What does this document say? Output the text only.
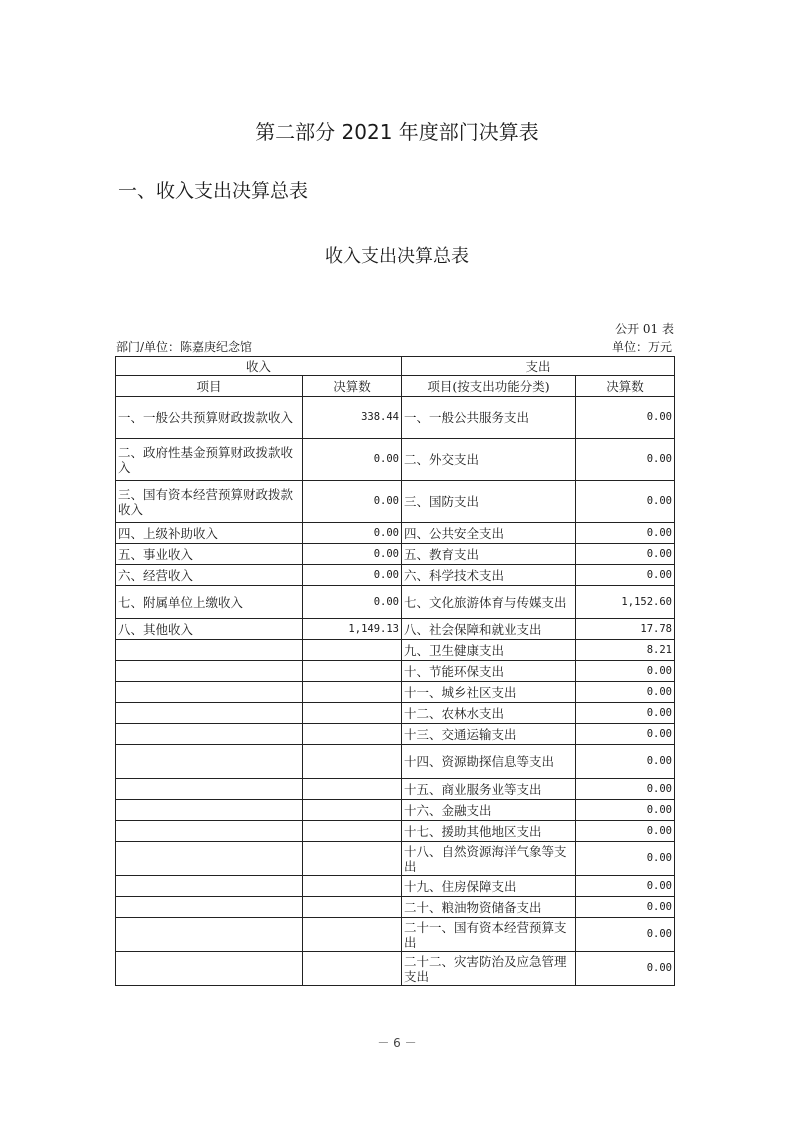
第二部分 2021 年度部门决算表
一、收入支出决算总表
收入支出决算总表
公开 01 表
部门/单位：陈嘉庚纪念馆	单位：万元
收入		支出	
项目	决算数	项目(按支出功能分类)	决算数
一、一般公共预算财政拨款收入	338.44	一、一般公共服务支出	0.00
二、政府性基金预算财政拨款收入	0.00	二、外交支出	0.00
三、国有资本经营预算财政拨款收入	0.00	三、国防支出	0.00
四、上级补助收入	0.00	四、公共安全支出	0.00
五、事业收入	0.00	五、教育支出	0.00
六、经营收入	0.00	六、科学技术支出	0.00
七、附属单位上缴收入	0.00	七、文化旅游体育与传媒支出	1,152.60
八、其他收入	1,149.13	八、社会保障和就业支出	17.78
		九、卫生健康支出	8.21
		十、节能环保支出	0.00
		十一、城乡社区支出	0.00
		十二、农林水支出	0.00
		十三、交通运输支出	0.00
		十四、资源勘探信息等支出	0.00
		十五、商业服务业等支出	0.00
		十六、金融支出	0.00
		十七、援助其他地区支出	0.00
		十八、自然资源海洋气象等支出	0.00
		十九、住房保障支出	0.00
		二十、粮油物资储备支出	0.00
		二十一、国有资本经营预算支出	0.00
		二十二、灾害防治及应急管理支出	0.00
－ 6 －
